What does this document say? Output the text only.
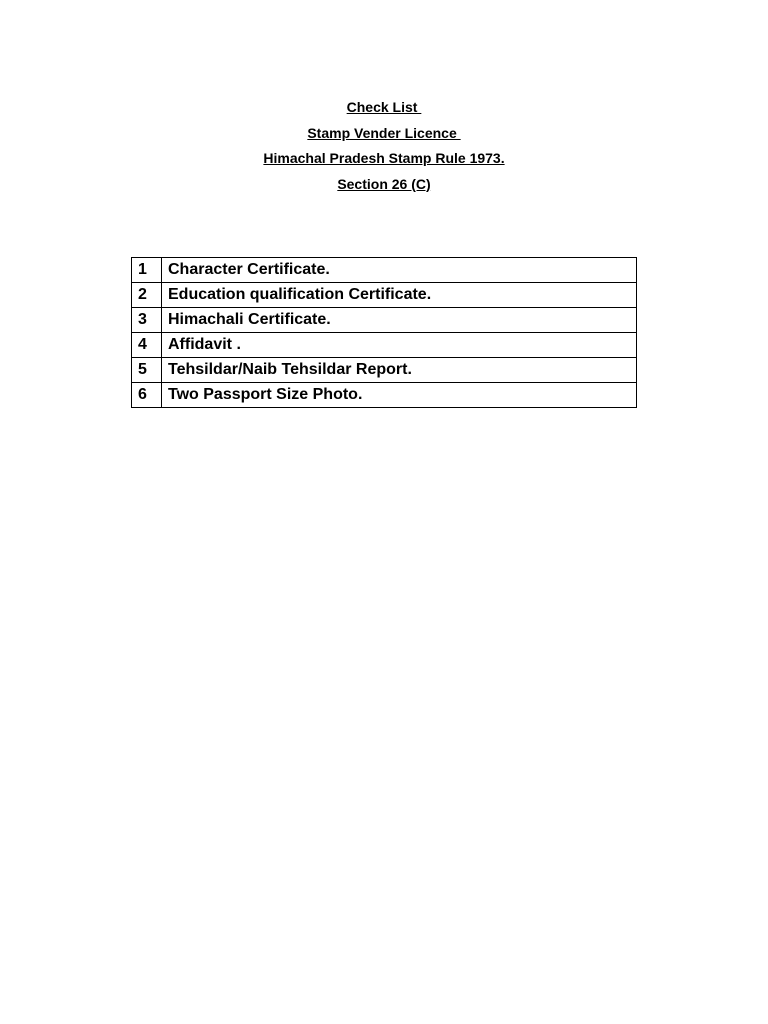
Check List
Stamp Vender Licence
Himachal Pradesh Stamp Rule 1973.
Section 26 (C)
1	Character Certificate.
2	Education qualification Certificate.
3	Himachali Certificate.
4	Affidavit .
5	Tehsildar/Naib Tehsildar Report.
6	Two Passport Size Photo.
